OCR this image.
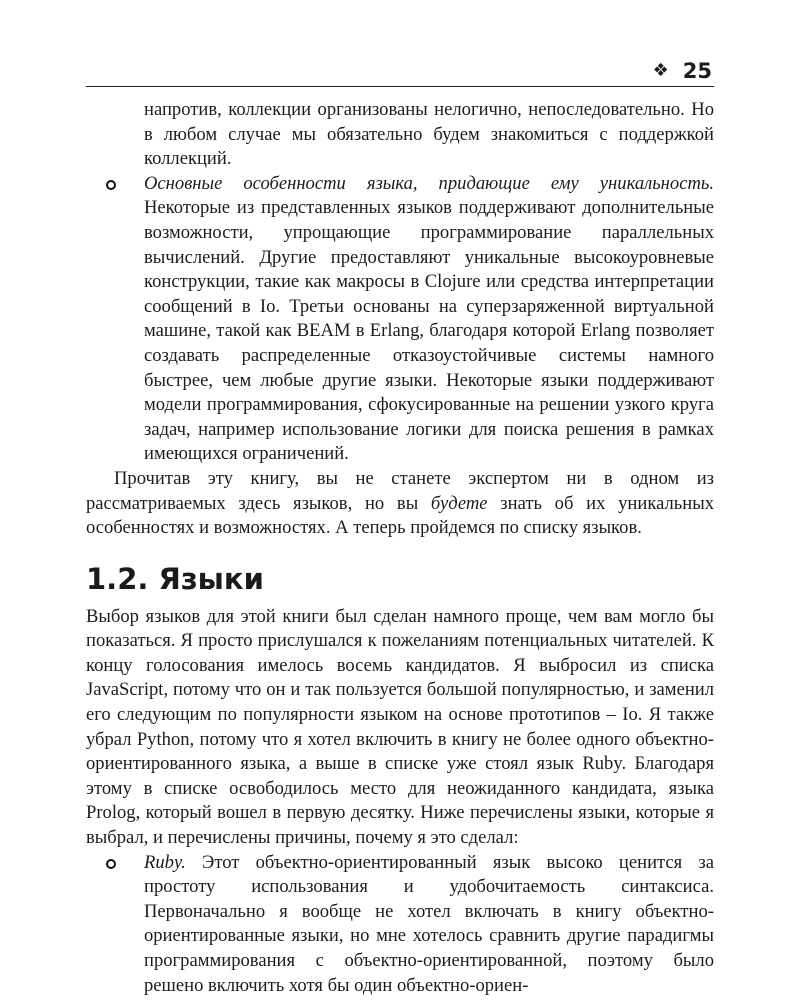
❖ 25

напротив, коллекции организованы нелогично, непоследовательно. Но в любом случае мы обязательно будем знакомиться с поддержкой коллекций.

Основные особенности языка, придающие ему уникальность. Некоторые из представленных языков поддерживают дополнительные возможности, упрощающие программирование параллельных вычислений. Другие предоставляют уникальные высокоуровневые конструкции, такие как макросы в Clojure или средства интерпретации сообщений в Io. Третьи основаны на суперзаряженной виртуальной машине, такой как BEAM в Erlang, благодаря которой Erlang позволяет создавать распределенные отказоустойчивые системы намного быстрее, чем любые другие языки. Некоторые языки поддерживают модели программирования, сфокусированные на решении узкого круга задач, например использование логики для поиска решения в рамках имеющихся ограничений.

Прочитав эту книгу, вы не станете экспертом ни в одном из рассматриваемых здесь языков, но вы будете знать об их уникальных особенностях и возможностях. А теперь пройдемся по списку языков.

1.2. Языки

Выбор языков для этой книги был сделан намного проще, чем вам могло бы показаться. Я просто прислушался к пожеланиям потенциальных читателей. К концу голосования имелось восемь кандидатов. Я выбросил из списка JavaScript, потому что он и так пользуется большой популярностью, и заменил его следующим по популярности языком на основе прототипов – Io. Я также убрал Python, потому что я хотел включить в книгу не более одного объектно-ориентированного языка, а выше в списке уже стоял язык Ruby. Благодаря этому в списке освободилось место для неожиданного кандидата, языка Prolog, который вошел в первую десятку. Ниже перечислены языки, которые я выбрал, и перечислены причины, почему я это сделал:

Ruby. Этот объектно-ориентированный язык высоко ценится за простоту использования и удобочитаемость синтаксиса. Первоначально я вообще не хотел включать в книгу объектно-ориентированные языки, но мне хотелось сравнить другие парадигмы программирования с объектно-ориентированной, поэтому было решено включить хотя бы один объектно-ориен-
